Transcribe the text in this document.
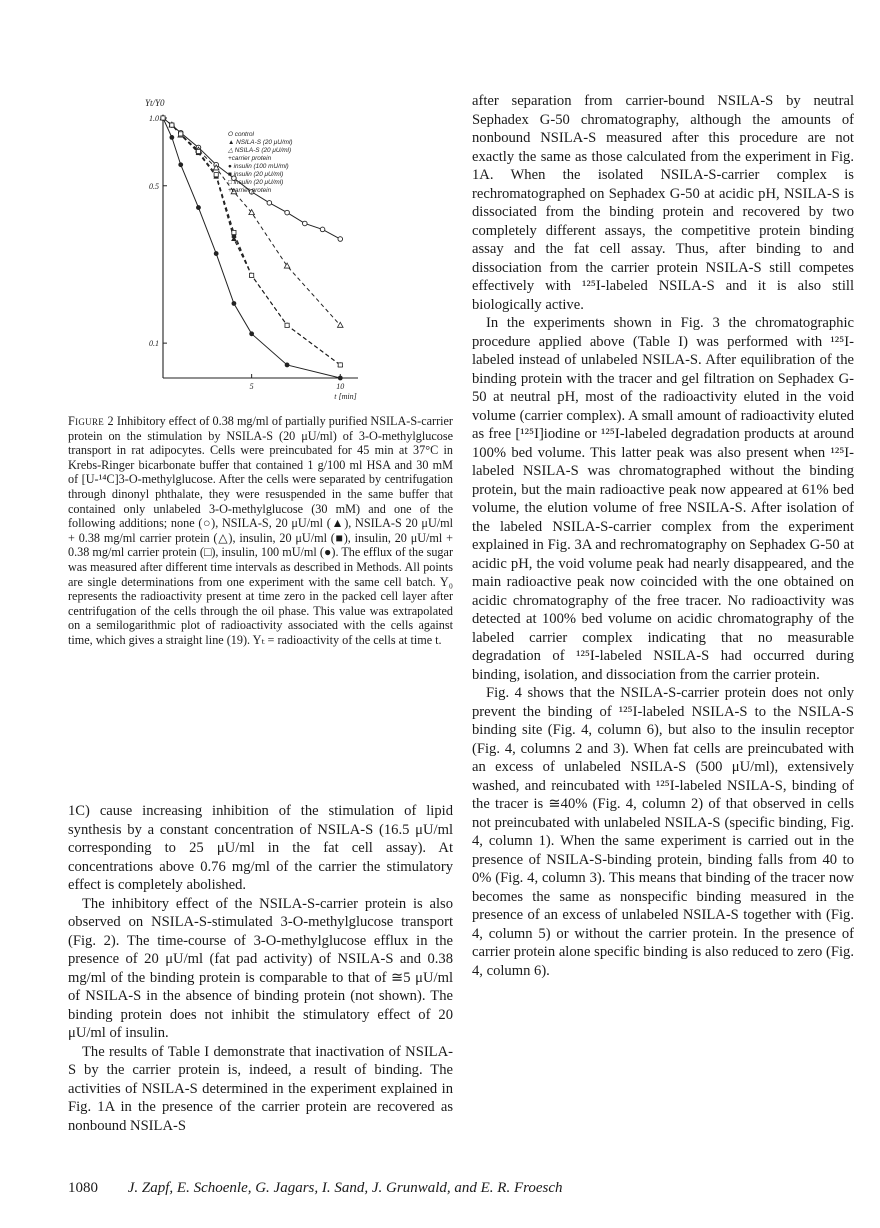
Yt/Y0
1.0
0.5
0.1
5	10
t [min]
O control
▲ NSILA-S (20 μU/ml)
△ NSILA-S (20 μU/ml)
+carrier protein
● insulin (100 mU/ml)
■ insulin (20 μU/ml)
□ insulin (20 μU/ml)
+carrier protein
Figure 2 Inhibitory effect of 0.38 mg/ml of partially purified NSILA-S-carrier protein on the stimulation by NSILA-S (20 μU/ml) of 3-O-methylglucose transport in rat adipocytes. Cells were preincubated for 45 min at 37°C in Krebs-Ringer bicarbonate buffer that contained 1 g/100 ml HSA and 30 mM of [U-¹⁴C]3-O-methylglucose. After the cells were separated by centrifugation through dinonyl phthalate, they were resuspended in the same buffer that contained only unlabeled 3-O-methylglucose (30 mM) and one of the following additions; none (○), NSILA-S, 20 μU/ml (▲), NSILA-S 20 μU/ml + 0.38 mg/ml carrier protein (△), insulin, 20 μU/ml (■), insulin, 20 μU/ml + 0.38 mg/ml carrier protein (□), insulin, 100 mU/ml (●). The efflux of the sugar was measured after different time intervals as described in Methods. All points are single determinations from one experiment with the same cell batch. Y₀ represents the radioactivity present at time zero in the packed cell layer after centrifugation of the cells through the oil phase. This value was extrapolated on a semilogarithmic plot of radioactivity associated with the cells against time, which gives a straight line (19). Yₜ = radioactivity of the cells at time t.

1C) cause increasing inhibition of the stimulation of lipid synthesis by a constant concentration of NSILA-S (16.5 μU/ml corresponding to 25 μU/ml in the fat cell assay). At concentrations above 0.76 mg/ml of the carrier the stimulatory effect is completely abolished.

The inhibitory effect of the NSILA-S-carrier protein is also observed on NSILA-S-stimulated 3-O-methylglucose transport (Fig. 2). The time-course of 3-O-methylglucose efflux in the presence of 20 μU/ml (fat pad activity) of NSILA-S and 0.38 mg/ml of the binding protein is comparable to that of ≅5 μU/ml of NSILA-S in the absence of binding protein (not shown). The binding protein does not inhibit the stimulatory effect of 20 μU/ml of insulin.

The results of Table I demonstrate that inactivation of NSILA-S by the carrier protein is, indeed, a result of binding. The activities of NSILA-S determined in the experiment explained in Fig. 1A in the presence of the carrier protein are recovered as nonbound NSILA-S

after separation from carrier-bound NSILA-S by neutral Sephadex G-50 chromatography, although the amounts of nonbound NSILA-S measured after this procedure are not exactly the same as those calculated from the experiment in Fig. 1A. When the isolated NSILA-S-carrier complex is rechromatographed on Sephadex G-50 at acidic pH, NSILA-S is dissociated from the binding protein and recovered by two completely different assays, the competitive protein binding assay and the fat cell assay. Thus, after binding to and dissociation from the carrier protein NSILA-S still competes effectively with ¹²⁵I-labeled NSILA-S and it is also still biologically active.

In the experiments shown in Fig. 3 the chromatographic procedure applied above (Table I) was performed with ¹²⁵I-labeled instead of unlabeled NSILA-S. After equilibration of the binding protein with the tracer and gel filtration on Sephadex G-50 at neutral pH, most of the radioactivity eluted in the void volume (carrier complex). A small amount of radioactivity eluted as free [¹²⁵I]iodine or ¹²⁵I-labeled degradation products at around 100% bed volume. This latter peak was also present when ¹²⁵I-labeled NSILA-S was chromatographed without the binding protein, but the main radioactive peak now appeared at 61% bed volume, the elution volume of free NSILA-S. After isolation of the labeled NSILA-S-carrier complex from the experiment explained in Fig. 3A and rechromatography on Sephadex G-50 at acidic pH, the void volume peak had nearly disappeared, and the main radioactive peak now coincided with the one obtained on acidic chromatography of the free tracer. No radioactivity was detected at 100% bed volume on acidic chromatography of the labeled carrier complex indicating that no measurable degradation of ¹²⁵I-labeled NSILA-S had occurred during binding, isolation, and dissociation from the carrier protein.

Fig. 4 shows that the NSILA-S-carrier protein does not only prevent the binding of ¹²⁵I-labeled NSILA-S to the NSILA-S binding site (Fig. 4, column 6), but also to the insulin receptor (Fig. 4, columns 2 and 3). When fat cells are preincubated with an excess of unlabeled NSILA-S (500 μU/ml), extensively washed, and reincubated with ¹²⁵I-labeled NSILA-S, binding of the tracer is ≅40% (Fig. 4, column 2) of that observed in cells not preincubated with unlabeled NSILA-S (specific binding, Fig. 4, column 1). When the same experiment is carried out in the presence of NSILA-S-binding protein, binding falls from 40 to 0% (Fig. 4, column 3). This means that binding of the tracer now becomes the same as nonspecific binding measured in the presence of an excess of unlabeled NSILA-S together with (Fig. 4, column 5) or without the carrier protein. In the presence of carrier protein alone specific binding is also reduced to zero (Fig. 4, column 6).

1080 J. Zapf, E. Schoenle, G. Jagars, I. Sand, J. Grunwald, and E. R. Froesch
